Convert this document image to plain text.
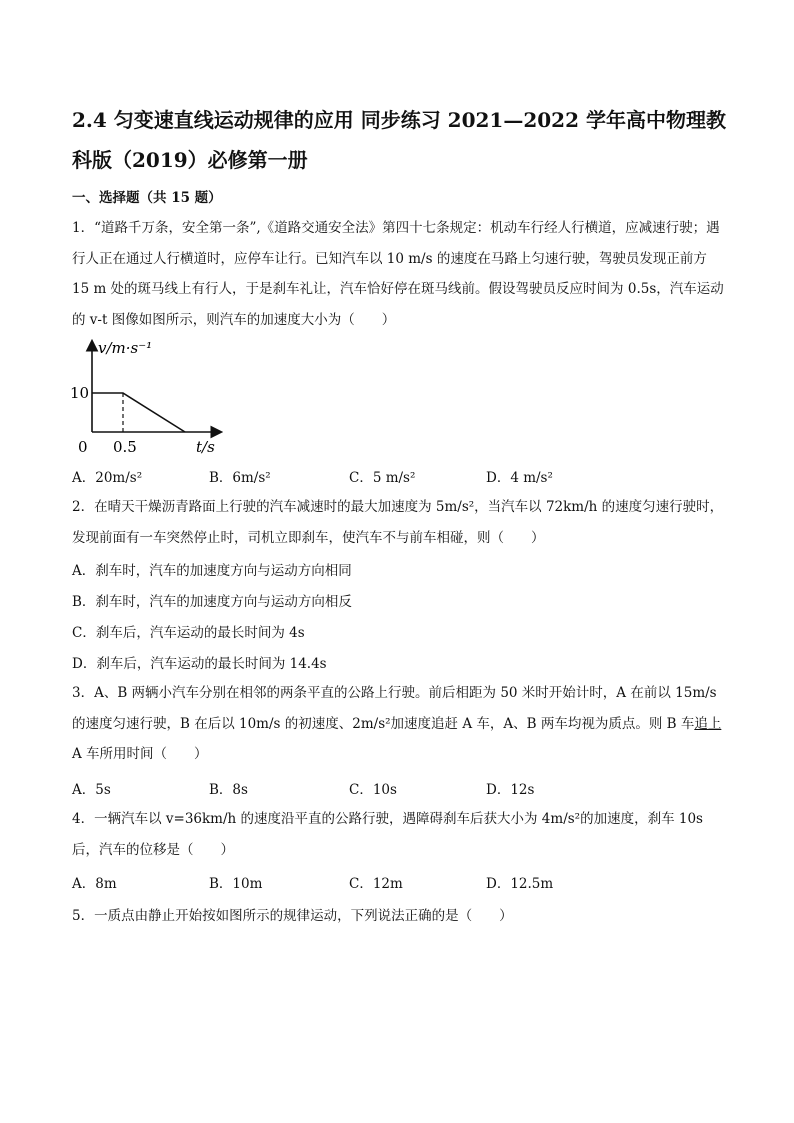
2.4 匀变速直线运动规律的应用 同步练习 2021—2022 学年高中物理教科版（2019）必修第一册
一、选择题（共 15 题）
1．“道路千万条，安全第一条”,《道路交通安全法》第四十七条规定：机动车行经人行横道，应减速行驶；遇行人正在通过人行横道时，应停车让行。已知汽车以 10 m/s 的速度在马路上匀速行驶，驾驶员发现正前方 15 m 处的斑马线上有行人，于是刹车礼让，汽车恰好停在斑马线前。假设驾驶员反应时间为 0.5s，汽车运动的 v-t 图像如图所示，则汽车的加速度大小为（　　）
v/m·s⁻¹
10
0 0.5	t/s
A．20m/s²	B．6m/s²	C．5 m/s²	D．4 m/s²
2．在晴天干燥沥青路面上行驶的汽车减速时的最大加速度为 5m/s²，当汽车以 72km/h 的速度匀速行驶时，发现前面有一车突然停止时，司机立即刹车，使汽车不与前车相碰，则（　　）
A．刹车时，汽车的加速度方向与运动方向相同
B．刹车时，汽车的加速度方向与运动方向相反
C．刹车后，汽车运动的最长时间为 4s
D．刹车后，汽车运动的最长时间为 14.4s
3．A、B 两辆小汽车分别在相邻的两条平直的公路上行驶。前后相距为 50 米时开始计时，A 在前以 15m/s 的速度匀速行驶，B 在后以 10m/s 的初速度、2m/s²加速度追赶 A 车，A、B 两车均视为质点。则 B 车追上A 车所用时间（　　）
A．5s	B．8s	C．10s	D．12s
4．一辆汽车以 v=36km/h 的速度沿平直的公路行驶，遇障碍刹车后获大小为 4m/s²的加速度，刹车 10s 后，汽车的位移是（　　）
A．8m	B．10m	C．12m	D．12.5m
5．一质点由静止开始按如图所示的规律运动，下列说法正确的是（　　）
